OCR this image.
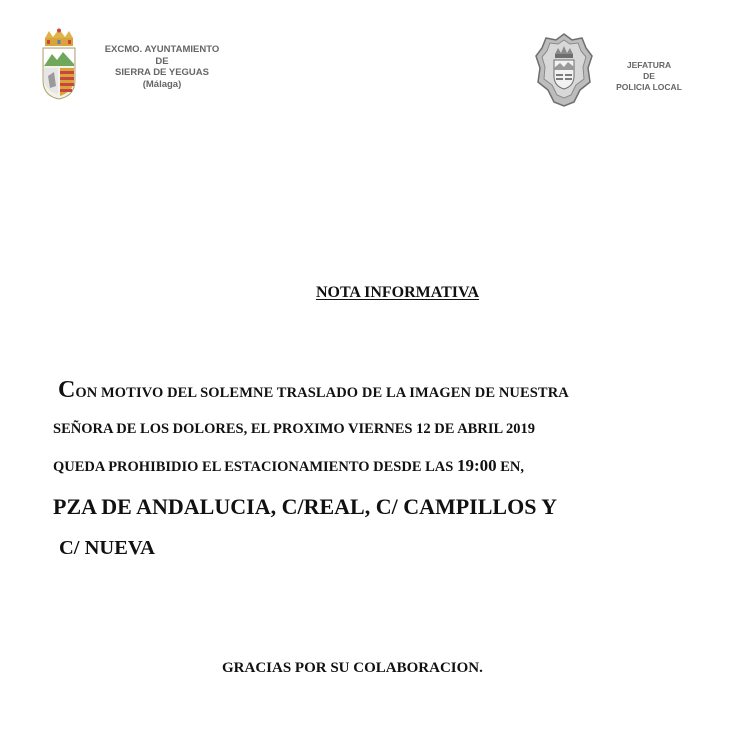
EXCMO. AYUNTAMIENTO
DE
SIERRA DE YEGUAS
(Málaga)
JEFATURA
DE
POLICIA LOCAL
NOTA INFORMATIVA
CON MOTIVO DEL SOLEMNE TRASLADO DE LA IMAGEN DE NUESTRA
SEÑORA DE LOS DOLORES, EL PROXIMO VIERNES 12 DE ABRIL 2019
QUEDA PROHIBIDIO EL ESTACIONAMIENTO DESDE LAS 19:00 EN,
PZA DE ANDALUCIA, C/REAL, C/ CAMPILLOS Y
C/ NUEVA
GRACIAS POR SU COLABORACION.
